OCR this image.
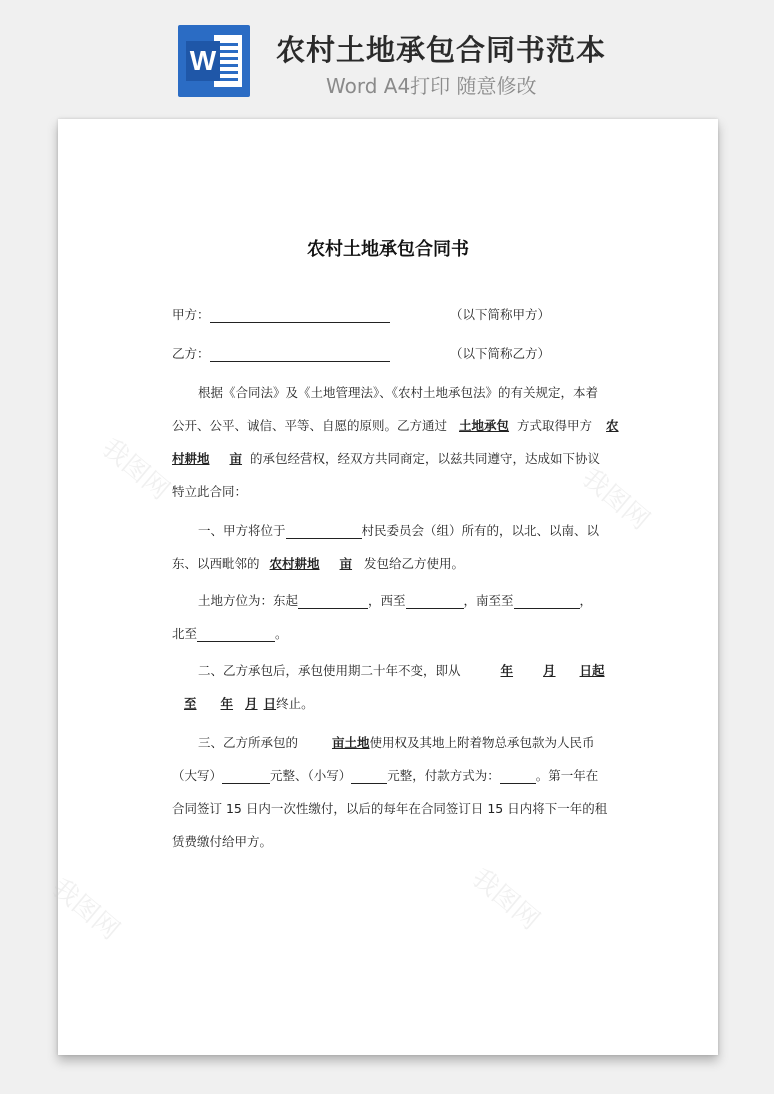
W 农村土地承包合同书范本
Word A4打印 随意修改
我图网	我图网
我图网	我图网
农村土地承包合同书
甲方：	（以下简称甲方）
乙方：	（以下简称乙方）
根据《合同法》及《土地管理法》、《农村土地承包法》的有关规定，本着
公开、公平、诚信、平等、自愿的原则。乙方通过 土地承包 方式取得甲方 农
村耕地 亩 的承包经营权，经双方共同商定，以兹共同遵守，达成如下协议
特立此合同：
一、甲方将位于	村民委员会（组）所有的，以北、以南、以
东、以西毗邻的 农村耕地 亩 发包给乙方使用。
土地方位为：东起	，西至	，南至至	，
北至	。
二、乙方承包后，承包使用期二十年不变，即从	年 月 日起
至 年 月 日终止。
三、乙方所承包的	亩土地使用权及其地上附着物总承包款为人民币
（大写）	元整、（小写）	元整，付款方式为：	。第一年在
合同签订 15 日内一次性缴付，以后的每年在合同签订日 15 日内将下一年的租
赁费缴付给甲方。
